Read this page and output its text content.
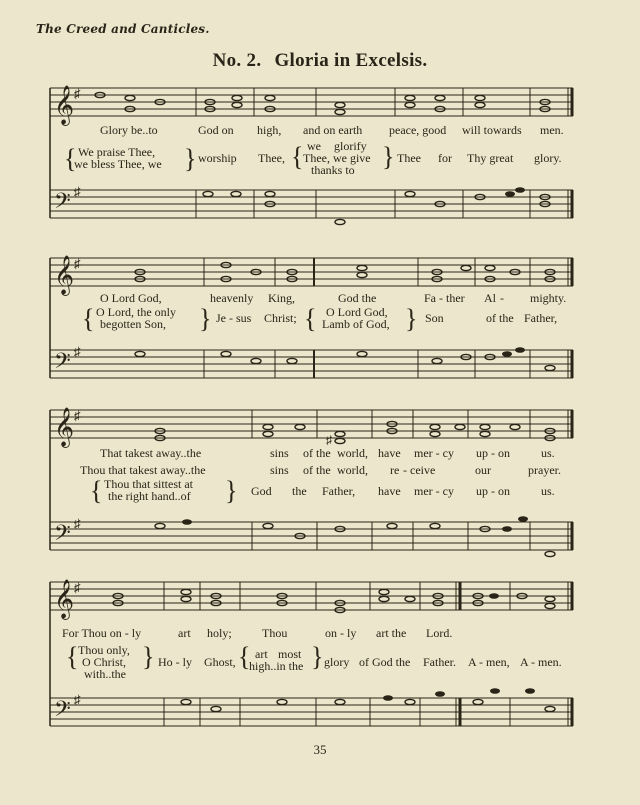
The Creed and Canticles.
No. 2. Gloria in Excelsis.
𝄞
𝄢
♯
♯
Glory be..to	God on high, and on earth peace, good will towards men.
{ We praise Thee,
we bless Thee, we } worship Thee, { we glorify
Thee, we give
thanks to } Thee for Thy great glory.
𝄞
𝄢
♯
♯
O Lord God,	heavenly King,	God the	Fa - ther Al - mighty.
{ O Lord, the only
begotten Son, } Je - sus Christ; { O Lord God,
Lamb of God, } Son	of the Father,
𝄞
𝄢
♯
♯
♯
That takest away..the	sins of the world, have mer - cy up - on	us.
Thou that takest away..the	sins of the world, re - ceive	our	prayer.
{ Thou that sittest at
the right hand..of } God the Father, have mer - cy up - on	us.
𝄞
𝄢
♯
♯
For Thou on - ly	art holy;	Thou	on - ly art the Lord.
{ Thou only,
O Christ,
with..the
} Ho - ly Ghost, { art most
high..in the } glory of God the Father. A - men, A - men.
35
